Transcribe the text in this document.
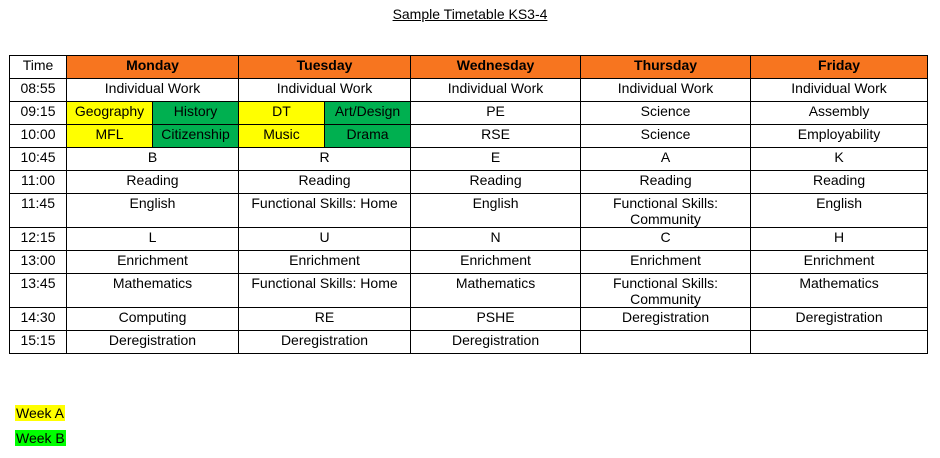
Sample Timetable KS3-4
Time	Monday		Tuesday		Wednesday	Thursday	Friday
08:55	Individual Work		Individual Work		Individual Work	Individual Work	Individual Work
09:15	Geography	History	DT	Art/Design	PE	Science	Assembly
10:00	MFL	Citizenship	Music	Drama	RSE	Science	Employability
10:45	B		R		E	A	K
11:00	Reading		Reading		Reading	Reading	Reading
11:45	English		Functional Skills: Home		English	Functional Skills: Community	English
12:15	L		U		N	C	H
13:00	Enrichment		Enrichment		Enrichment	Enrichment	Enrichment
13:45	Mathematics		Functional Skills: Home		Mathematics	Functional Skills: Community	Mathematics
14:30	Computing		RE		PSHE	Deregistration	Deregistration
15:15	Deregistration		Deregistration		Deregistration		
Week A
Week B
